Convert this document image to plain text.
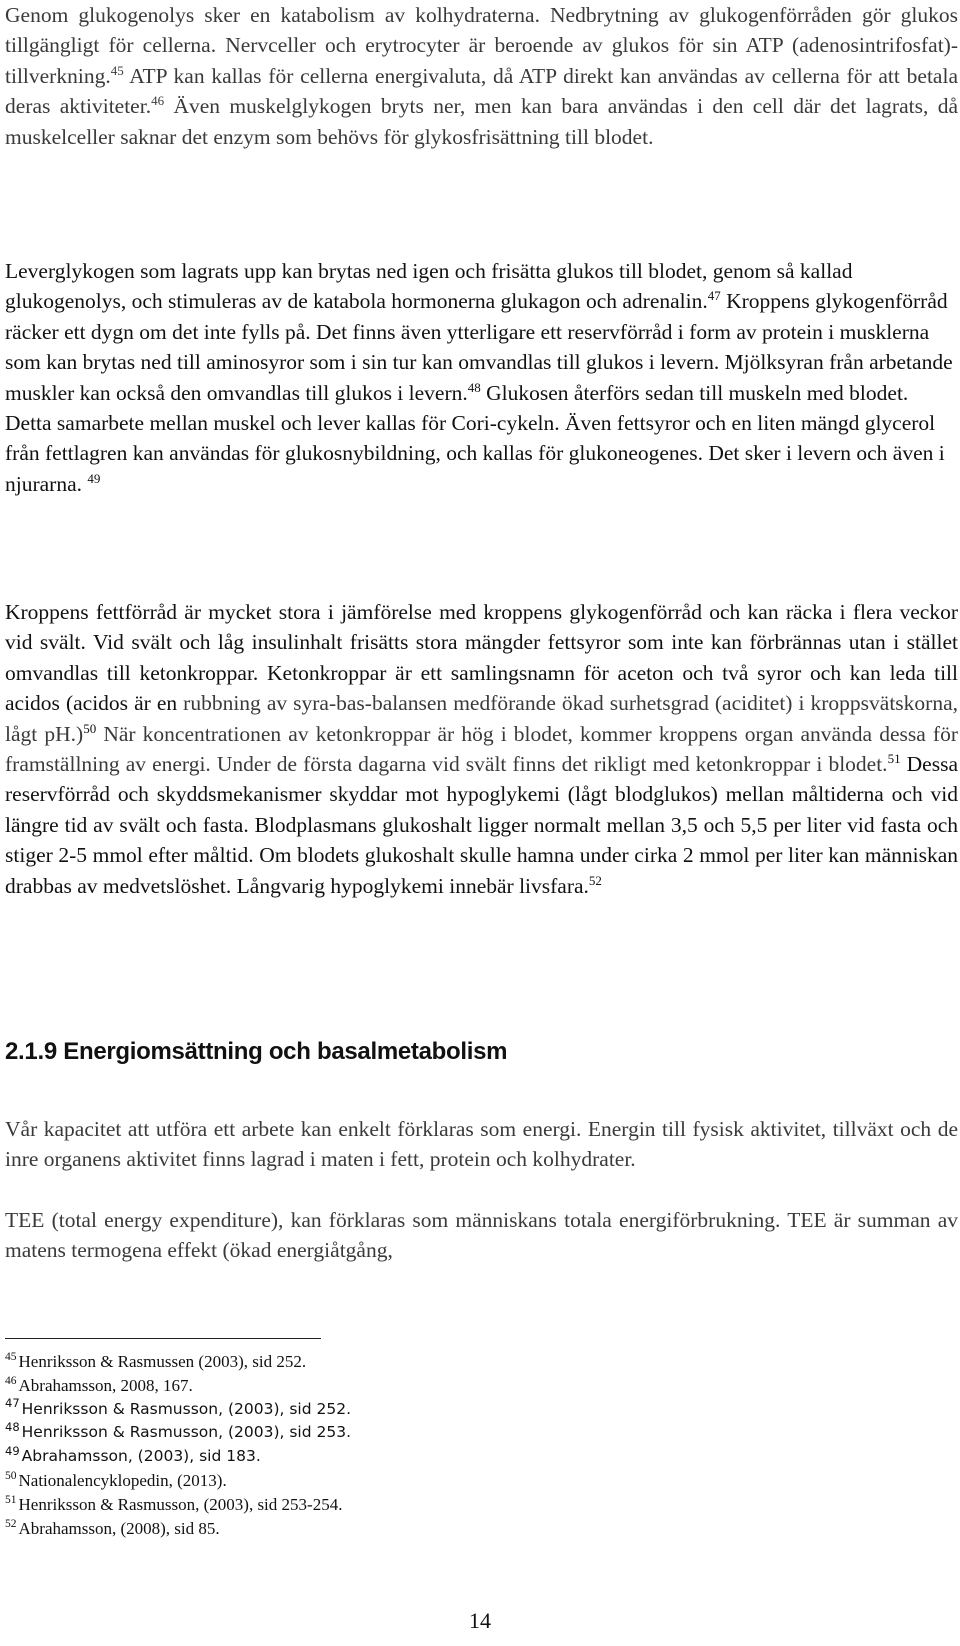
Genom glukogenolys sker en katabolism av kolhydraterna. Nedbrytning av glukogenförråden gör glukos tillgängligt för cellerna. Nervceller och erytrocyter är beroende av glukos för sin ATP (adenosintrifosfat)-tillverkning.$^{45}$ ATP kan kallas för cellerna energivaluta, då ATP direkt kan användas av cellerna för att betala deras aktiviteter.$^{46}$ Även muskelglykogen bryts ner, men kan bara användas i den cell där det lagrats, då muskelceller saknar det enzym som behövs för glykosfrisättning till blodet.

Leverglykogen som lagrats upp kan brytas ned igen och frisätta glukos till blodet, genom så kallad glukogenolys, och stimuleras av de katabola hormonerna glukagon och adrenalin.$^{47}$ Kroppens glykogenförråd räcker ett dygn om det inte fylls på. Det finns även ytterligare ett reservförråd i form av protein i musklerna som kan brytas ned till aminosyror som i sin tur kan omvandlas till glukos i levern. Mjölksyran från arbetande muskler kan också den omvandlas till glukos i levern.$^{48}$ Glukosen återförs sedan till muskeln med blodet. Detta samarbete mellan muskel och lever kallas för Cori-cykeln. Även fettsyror och en liten mängd glycerol från fettlagren kan användas för glukosnybildning, och kallas för glukoneogenes. Det sker i levern och även i njurarna. $^{49}$

Kroppens fettförråd är mycket stora i jämförelse med kroppens glykogenförråd och kan räcka i flera veckor vid svält. Vid svält och låg insulinhalt frisätts stora mängder fettsyror som inte kan förbrännas utan i stället omvandlas till ketonkroppar. Ketonkroppar är ett samlingsnamn för aceton och två syror och kan leda till acidos (acidos är en rubbning av syra-bas-balansen medförande ökad surhetsgrad (aciditet) i kroppsvätskorna, lågt pH.)$^{50}$ När koncentrationen av ketonkroppar är hög i blodet, kommer kroppens organ använda dessa för framställning av energi. Under de första dagarna vid svält finns det rikligt med ketonkroppar i blodet.$^{51}$ Dessa reservförråd och skyddsmekanismer skyddar mot hypoglykemi (lågt blodglukos) mellan måltiderna och vid längre tid av svält och fasta. Blodplasmans glukoshalt ligger normalt mellan 3,5 och 5,5 per liter vid fasta och stiger 2-5 mmol efter måltid. Om blodets glukoshalt skulle hamna under cirka 2 mmol per liter kan människan drabbas av medvetslöshet. Långvarig hypoglykemi innebär livsfara.$^{52}$

2.1.9 Energiomsättning och basalmetabolism

Vår kapacitet att utföra ett arbete kan enkelt förklaras som energi. Energin till fysisk aktivitet, tillväxt och de inre organens aktivitet finns lagrad i maten i fett, protein och kolhydrater.

TEE (total energy expenditure), kan förklaras som människans totala energiförbrukning. TEE är summan av matens termogena effekt (ökad energiåtgång,

$^{45}$ Henriksson & Rasmussen (2003), sid 252.
$^{46}$ Abrahamsson, 2008, 167.
$^{47}$ Henriksson & Rasmusson, (2003), sid 252.
$^{48}$ Henriksson & Rasmusson, (2003), sid 253.
$^{49}$ Abrahamsson, (2003), sid 183.
$^{50}$ Nationalencyklopedin, (2013).
$^{51}$ Henriksson & Rasmusson, (2003), sid 253-254.
$^{52}$ Abrahamsson, (2008), sid 85.
14
